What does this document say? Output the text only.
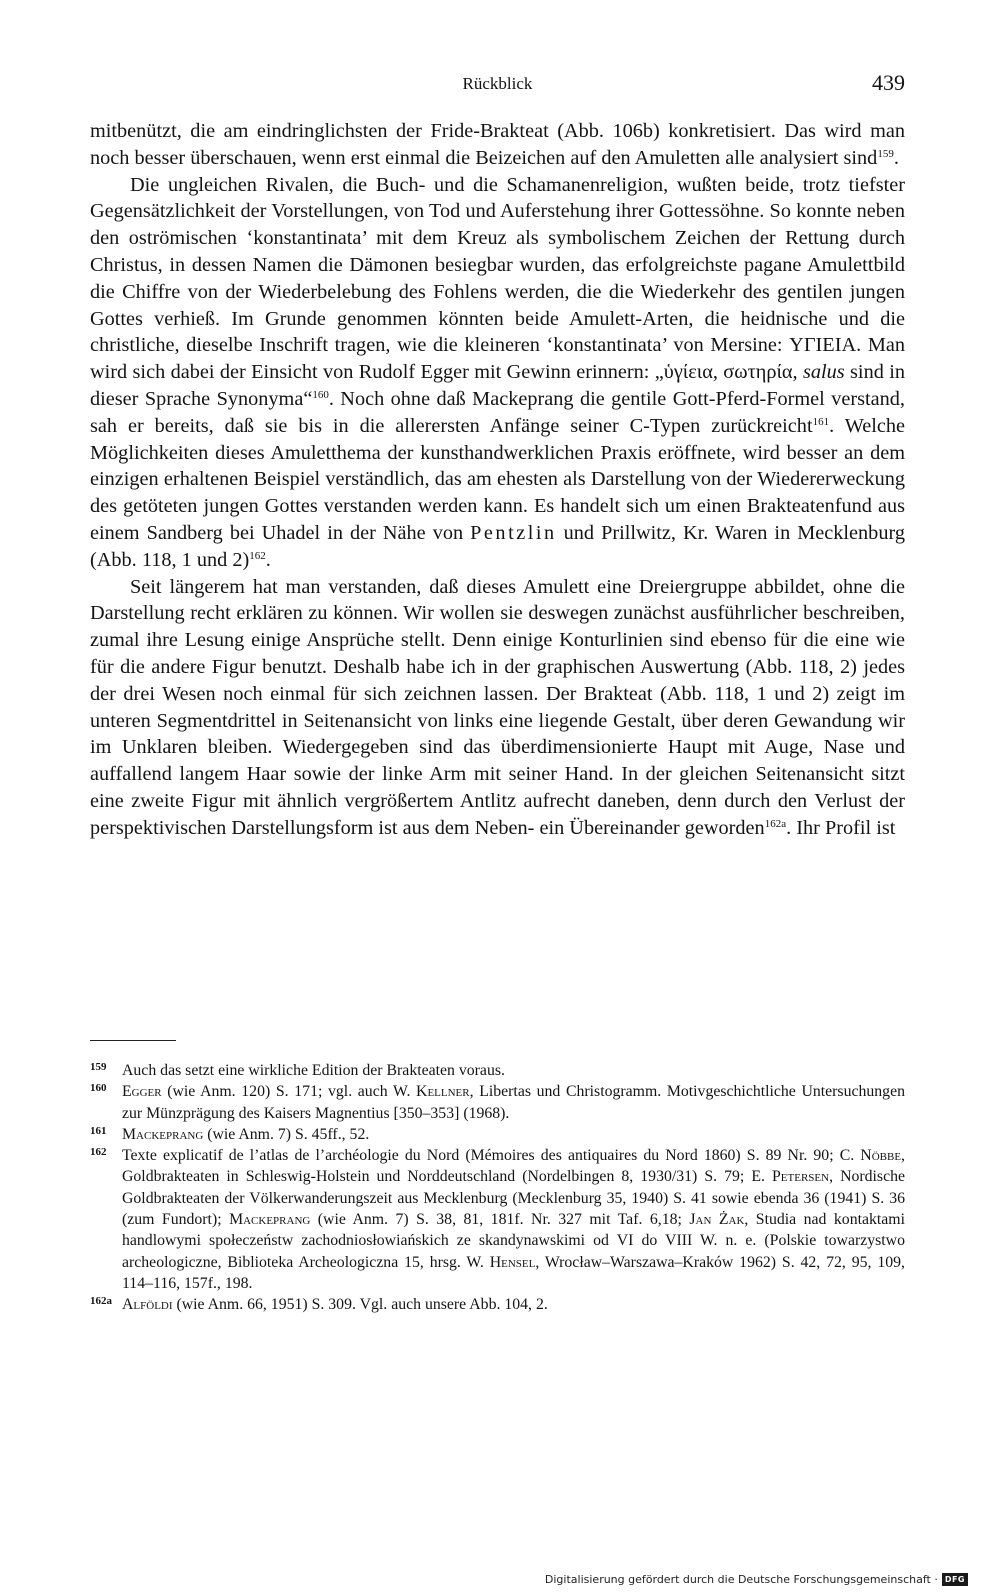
Rückblick	439

mitbenützt, die am eindringlichsten der Fride-Brakteat (Abb. 106b) konkretisiert. Das wird man noch besser überschauen, wenn erst einmal die Beizeichen auf den Amuletten alle analysiert sind$^{159}$.

Die ungleichen Rivalen, die Buch- und die Schamanenreligion, wußten beide, trotz tiefster Gegensätzlichkeit der Vorstellungen, von Tod und Auferstehung ihrer Gottessöhne. So konnte neben den oströmischen ‘konstantinata’ mit dem Kreuz als symbolischem Zeichen der Rettung durch Christus, in dessen Namen die Dämonen besiegbar wurden, das erfolgreichste pagane Amulettbild die Chiffre von der Wiederbelebung des Fohlens werden, die die Wiederkehr des gentilen jungen Gottes verhieß. Im Grunde genommen könnten beide Amulett-Arten, die heidnische und die christliche, dieselbe Inschrift tragen, wie die kleineren ‘konstantinata’ von Mersine: ΥΓΙΕΙΑ. Man wird sich dabei der Einsicht von Rudolf Egger mit Gewinn erinnern: „ὑγίεια, σωτηρία, salus sind in dieser Sprache Synonyma“$^{160}$. Noch ohne daß Mackeprang die gentile Gott-Pferd-Formel verstand, sah er bereits, daß sie bis in die allerersten Anfänge seiner C-Typen zurückreicht$^{161}$. Welche Möglichkeiten dieses Amuletthema der kunsthandwerklichen Praxis eröffnete, wird besser an dem einzigen erhaltenen Beispiel verständlich, das am ehesten als Darstellung von der Wiedererweckung des getöteten jungen Gottes verstanden werden kann. Es handelt sich um einen Brakteatenfund aus einem Sandberg bei Uhadel in der Nähe von Pentzlin und Prillwitz, Kr. Waren in Mecklenburg (Abb. 118, 1 und 2)$^{162}$.

Seit längerem hat man verstanden, daß dieses Amulett eine Dreiergruppe abbildet, ohne die Darstellung recht erklären zu können. Wir wollen sie deswegen zunächst ausführlicher beschreiben, zumal ihre Lesung einige Ansprüche stellt. Denn einige Konturlinien sind ebenso für die eine wie für die andere Figur benutzt. Deshalb habe ich in der graphischen Auswertung (Abb. 118, 2) jedes der drei Wesen noch einmal für sich zeichnen lassen. Der Brakteat (Abb. 118, 1 und 2) zeigt im unteren Segmentdrittel in Seitenansicht von links eine liegende Gestalt, über deren Gewandung wir im Unklaren bleiben. Wiedergegeben sind das überdimensionierte Haupt mit Auge, Nase und auffallend langem Haar sowie der linke Arm mit seiner Hand. In der gleichen Seitenansicht sitzt eine zweite Figur mit ähnlich vergrößertem Antlitz aufrecht daneben, denn durch den Verlust der perspektivischen Darstellungsform ist aus dem Neben- ein Übereinander geworden$^{162a}$. Ihr Profil ist

159 Auch das setzt eine wirkliche Edition der Brakteaten voraus.
160 Egger (wie Anm. 120) S. 171; vgl. auch W. Kellner, Libertas und Christogramm. Motivgeschichtliche Untersuchungen zur Münzprägung des Kaisers Magnentius [350–353] (1968).
161 Mackeprang (wie Anm. 7) S. 45ff., 52.
162 Texte explicatif de l’atlas de l’archéologie du Nord (Mémoires des antiquaires du Nord 1860) S. 89 Nr. 90; C. Nöbbe, Goldbrakteaten in Schleswig-Holstein und Norddeutschland (Nordelbingen 8, 1930/31) S. 79; E. Petersen, Nordische Goldbrakteaten der Völkerwanderungszeit aus Mecklenburg (Mecklenburg 35, 1940) S. 41 sowie ebenda 36 (1941) S. 36 (zum Fundort); Mackeprang (wie Anm. 7) S. 38, 81, 181f. Nr. 327 mit Taf. 6,18; Jan Żak, Studia nad kontaktami handlowymi społeczeństw zachodniosłowiańskich ze skandynawskimi od VI do VIII W. n. e. (Polskie towarzystwo archeologiczne, Biblioteka Archeologiczna 15, hrsg. W. Hensel, Wrocław–Warszawa–Kraków 1962) S. 42, 72, 95, 109, 114–116, 157f., 198.
162a Alföldi (wie Anm. 66, 1951) S. 309. Vgl. auch unsere Abb. 104, 2.
Digitalisierung gefördert durch die Deutsche Forschungsgemeinschaft · DFG
